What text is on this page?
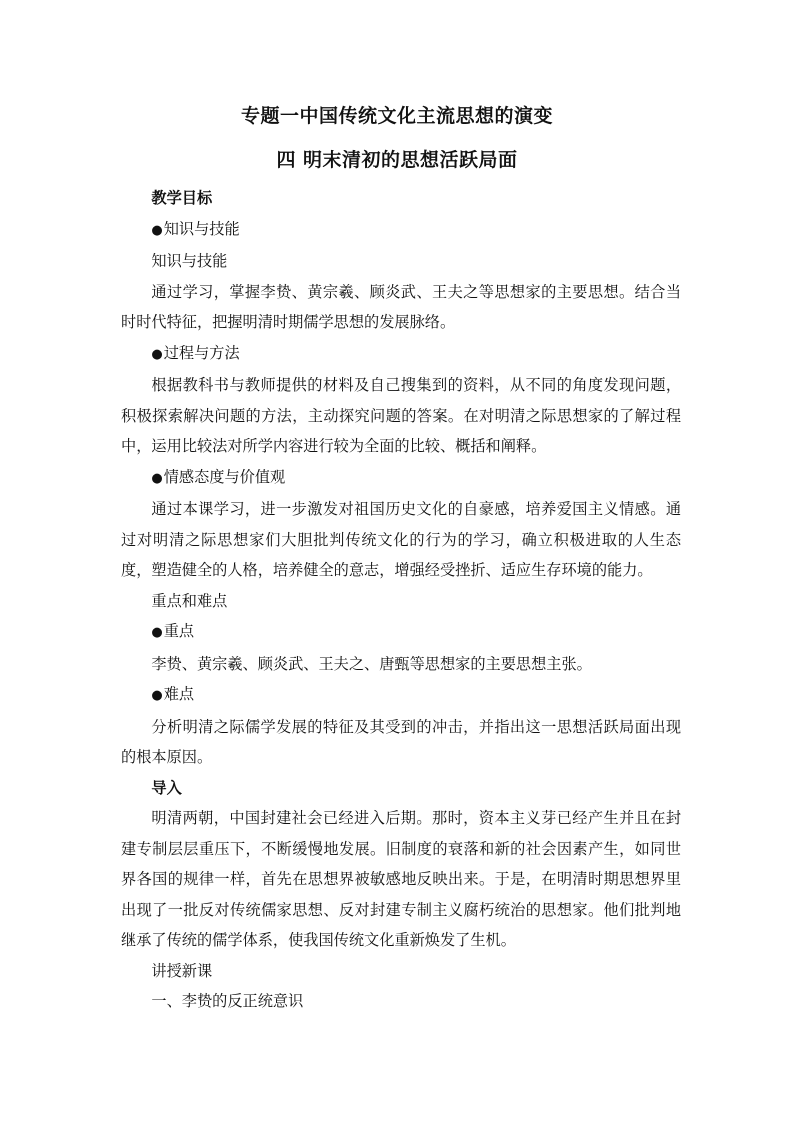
专题一中国传统文化主流思想的演变
四 明末清初的思想活跃局面

教学目标

●知识与技能

知识与技能

通过学习，掌握李贽、黄宗羲、顾炎武、王夫之等思想家的主要思想。结合当时时代特征，把握明清时期儒学思想的发展脉络。

●过程与方法

根据教科书与教师提供的材料及自己搜集到的资料，从不同的角度发现问题，积极探索解决问题的方法，主动探究问题的答案。在对明清之际思想家的了解过程中，运用比较法对所学内容进行较为全面的比较、概括和阐释。

●情感态度与价值观

通过本课学习，进一步激发对祖国历史文化的自豪感，培养爱国主义情感。通过对明清之际思想家们大胆批判传统文化的行为的学习，确立积极进取的人生态度，塑造健全的人格，培养健全的意志，增强经受挫折、适应生存环境的能力。

重点和难点

●重点

李贽、黄宗羲、顾炎武、王夫之、唐甄等思想家的主要思想主张。

●难点

分析明清之际儒学发展的特征及其受到的冲击，并指出这一思想活跃局面出现的根本原因。

导入

明清两朝，中国封建社会已经进入后期。那时，资本主义芽已经产生并且在封建专制层层重压下，不断缓慢地发展。旧制度的衰落和新的社会因素产生，如同世界各国的规律一样，首先在思想界被敏感地反映出来。于是，在明清时期思想界里出现了一批反对传统儒家思想、反对封建专制主义腐朽统治的思想家。他们批判地继承了传统的儒学体系，使我国传统文化重新焕发了生机。

讲授新课

一、李贽的反正统意识
